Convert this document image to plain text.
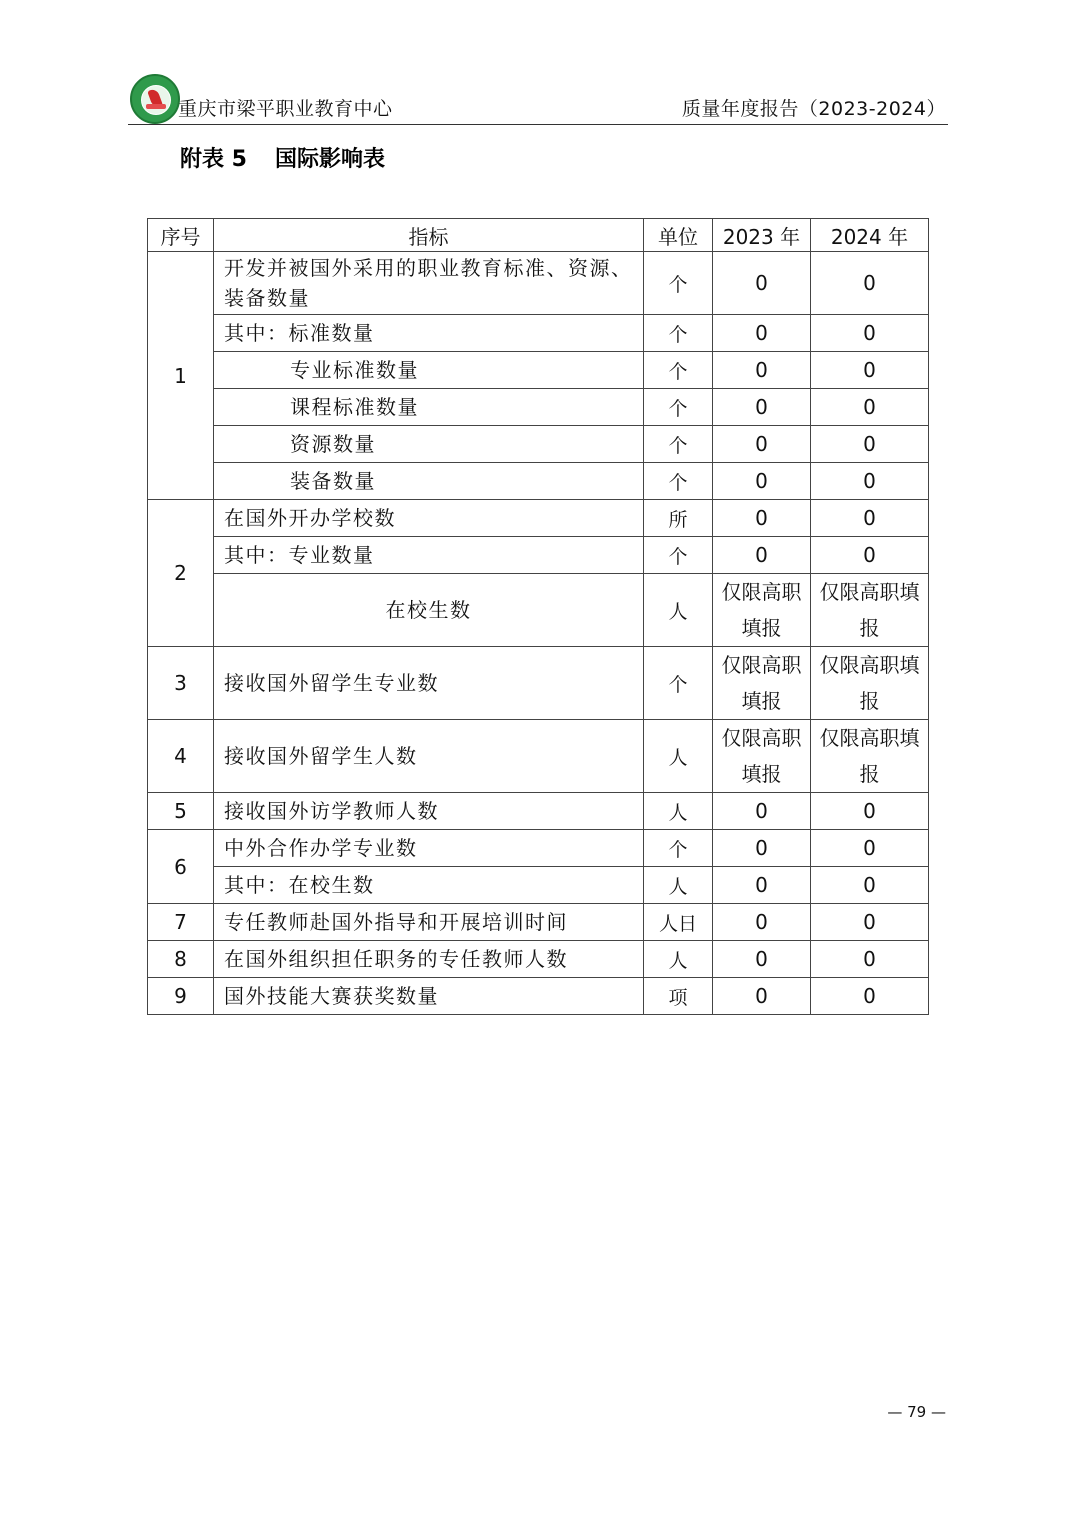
重庆市梁平职业教育中心	质量年度报告（2023-2024）
附表 5 国际影响表
序号	指标	单位	2023 年	2024 年
1	开发并被国外采用的职业教育标准、资源、装备数量	个	0	0
	其中：标准数量	个	0	0
	专业标准数量	个	0	0
	课程标准数量	个	0	0
	资源数量	个	0	0
	装备数量	个	0	0
2	在国外开办学校数	所	0	0
	其中：专业数量	个	0	0
	在校生数	人	仅限高职填报	仅限高职填报
3	接收国外留学生专业数	个	仅限高职填报	仅限高职填报
4	接收国外留学生人数	人	仅限高职填报	仅限高职填报
5	接收国外访学教师人数	人	0	0
6	中外合作办学专业数	个	0	0
	其中：在校生数	人	0	0
7	专任教师赴国外指导和开展培训时间	人日	0	0
8	在国外组织担任职务的专任教师人数	人	0	0
9	国外技能大赛获奖数量	项	0	0
— 79 —
